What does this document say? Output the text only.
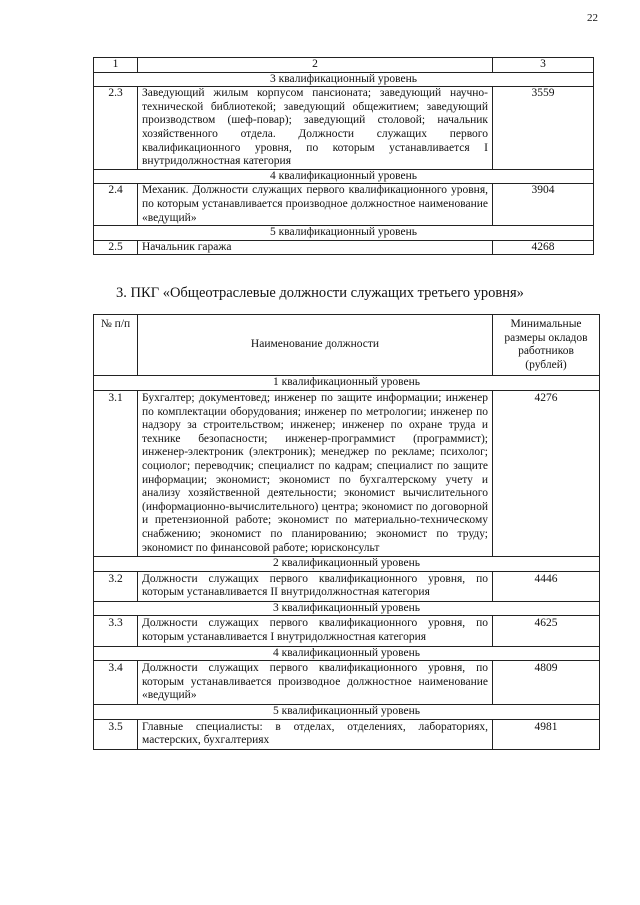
22
1	2	3
3 квалификационный уровень		
2.3	Заведующий жилым корпусом пансионата; заведующий научно-технической библиотекой; заведующий общежитием; заведующий производством (шеф-повар); заведующий столовой; начальник хозяйственного отдела. Должности служащих первого квалификационного уровня, по которым устанавливается I внутридолжностная категория	3559
4 квалификационный уровень		
2.4	Механик. Должности служащих первого квалификационного уровня, по которым устанавливается производное должностное наименование «ведущий»	3904
5 квалификационный уровень		
2.5	Начальник гаража	4268
3. ПКГ «Общеотраслевые должности служащих третьего уровня»
№ п/п	Наименование должности	Минимальные размеры окладов работников (рублей)
1 квалификационный уровень		
3.1	Бухгалтер; документовед; инженер по защите информации; инженер по комплектации оборудования; инженер по метрологии; инженер по надзору за строительством; инженер; инженер по охране труда и технике безопасности; инженер-программист (программист); инженер-электроник (электроник); менеджер по рекламе; психолог; социолог; переводчик; специалист по кадрам; специалист по защите информации; экономист; экономист по бухгалтерскому учету и анализу хозяйственной деятельности; экономист вычислительного (информационно-вычислительного) центра; экономист по договорной и претензионной работе; экономист по материально-техническому снабжению; экономист по планированию; экономист по труду; экономист по финансовой работе; юрисконсульт	4276
2 квалификационный уровень		
3.2	Должности служащих первого квалификационного уровня, по которым устанавливается II внутридолжностная категория	4446
3 квалификационный уровень		
3.3	Должности служащих первого квалификационного уровня, по которым устанавливается I внутридолжностная категория	4625
4 квалификационный уровень		
3.4	Должности служащих первого квалификационного уровня, по которым устанавливается производное должностное наименование «ведущий»	4809
5 квалификационный уровень		
3.5	Главные специалисты: в отделах, отделениях, лабораториях, мастерских, бухгалтериях	4981
